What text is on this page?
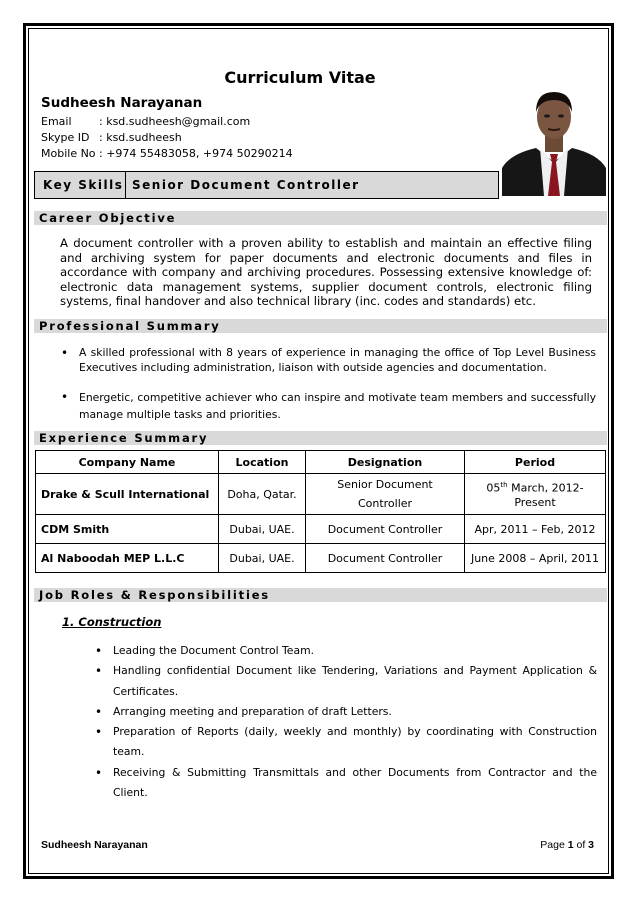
Curriculum Vitae
Sudheesh Narayanan
Email : ksd.sudheesh@gmail.com
Skype ID : ksd.sudheesh
Mobile No : +974 55483058, +974 50290214
Key Skills Senior Document Controller
Career Objective
A document controller with a proven ability to establish and maintain an effective filing and archiving system for paper documents and electronic documents and files in accordance with company and archiving procedures. Possessing extensive knowledge of: electronic data management systems, supplier document controls, electronic filing systems, final handover and also technical library (inc. codes and standards) etc.
Professional Summary
• A skilled professional with 8 years of experience in managing the office of Top Level Business Executives including administration, liaison with outside agencies and documentation.
• Energetic, competitive achiever who can inspire and motivate team members and successfully manage multiple tasks and priorities.
Experience Summary
Company Name	Location	Designation	Period
Drake & Scull International	Doha, Qatar.	Senior Document Controller	05th March, 2012- Present
CDM Smith	Dubai, UAE.	Document Controller	Apr, 2011 – Feb, 2012
Al Naboodah MEP L.L.C	Dubai, UAE.	Document Controller	June 2008 – April, 2011
Job Roles & Responsibilities
1. Construction
• Leading the Document Control Team.
• Handling confidential Document like Tendering, Variations and Payment Application & Certificates.
• Arranging meeting and preparation of draft Letters.
• Preparation of Reports (daily, weekly and monthly) by coordinating with Construction team.
• Receiving & Submitting Transmittals and other Documents from Contractor and the Client.
Sudheesh Narayanan	Page 1 of 3
